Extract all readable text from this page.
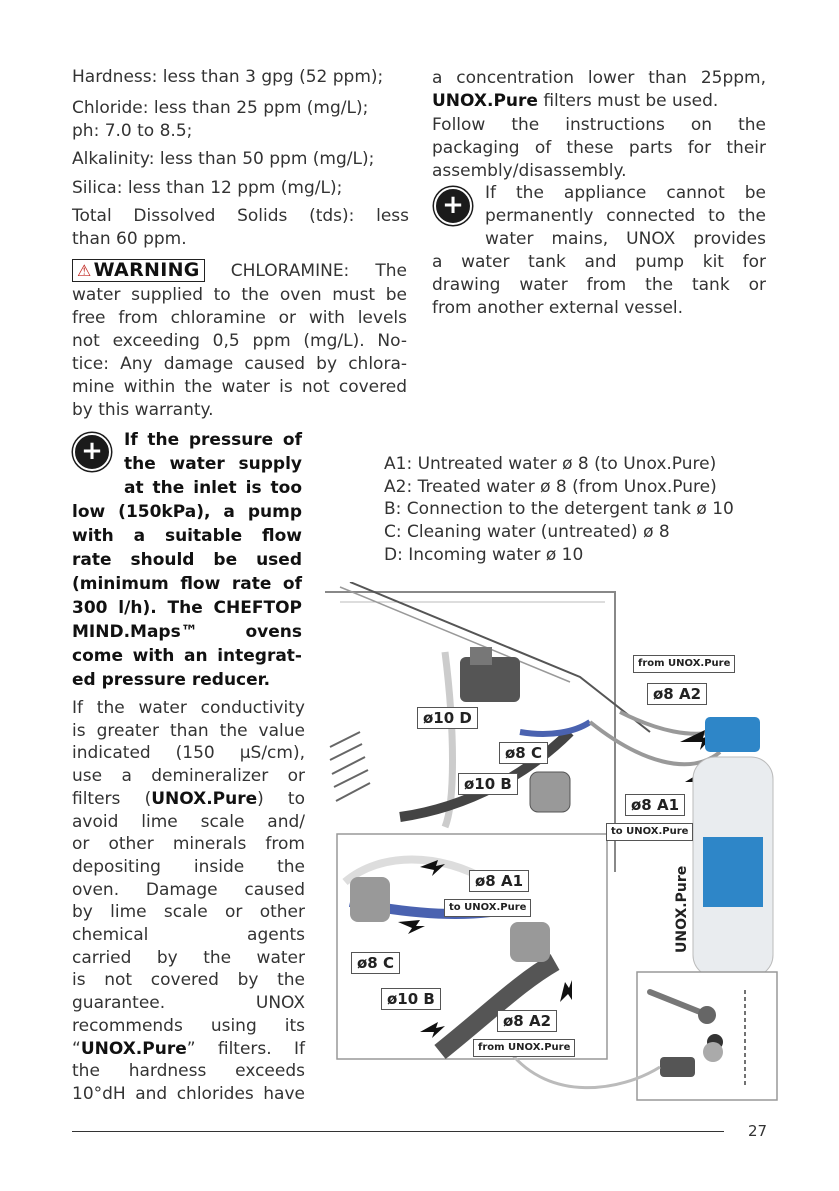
Hardness: less than 3 gpg (52 ppm);
Chloride: less than 25 ppm (mg/L);
ph: 7.0 to 8.5;
Alkalinity: less than 50 ppm (mg/L);
Silica: less than 12 ppm (mg/L);
Total Dissolved Solids (tds): less
than 60 ppm.
⚠ WARNING CHLORAMINE: The
water supplied to the oven must be
free from chloramine or with levels
not exceeding 0,5 ppm (mg/L). No-
tice: Any damage caused by chlora-
mine within the water is not covered
by this warranty.
+	If the pressure of
the water supply
at the inlet is too
low (150kPa), a pump
with a suitable flow
rate should be used
(minimum flow rate of
300 l/h). The CHEFTOP
MIND.Maps™ ovens
come with an integrat-
ed pressure reducer.
If the water conductivity
is greater than the value
indicated (150 µS/cm),
use a demineralizer or
filters (UNOX.Pure) to
avoid lime scale and/
or other minerals from
depositing inside the
oven. Damage caused
by lime scale or other
chemical agents
carried by the water
is not covered by the
guarantee. UNOX
recommends using its
“UNOX.Pure” filters. If
the hardness exceeds
10°dH and chlorides have
a concentration lower than 25ppm,
UNOX.Pure filters must be used.
Follow the instructions on the
packaging of these parts for their
assembly/disassembly.
+	If the appliance cannot be
permanently connected to the
water mains, UNOX provides
a water tank and pump kit for
drawing water from the tank or
from another external vessel.
A1: Untreated water ø 8 (to Unox.Pure)
A2: Treated water ø 8 (from Unox.Pure)
B: Connection to the detergent tank ø 10
C: Cleaning water (untreated) ø 8
D: Incoming water ø 10
from UNOX.Pure
ø8 A2
ø10 D
ø8 C
ø10 B
ø8 A1
to UNOX.Pure
UNOX.Pure
ø8 A1
to UNOX.Pure
ø8 C
ø10 B
ø8 A2
from UNOX.Pure
27
